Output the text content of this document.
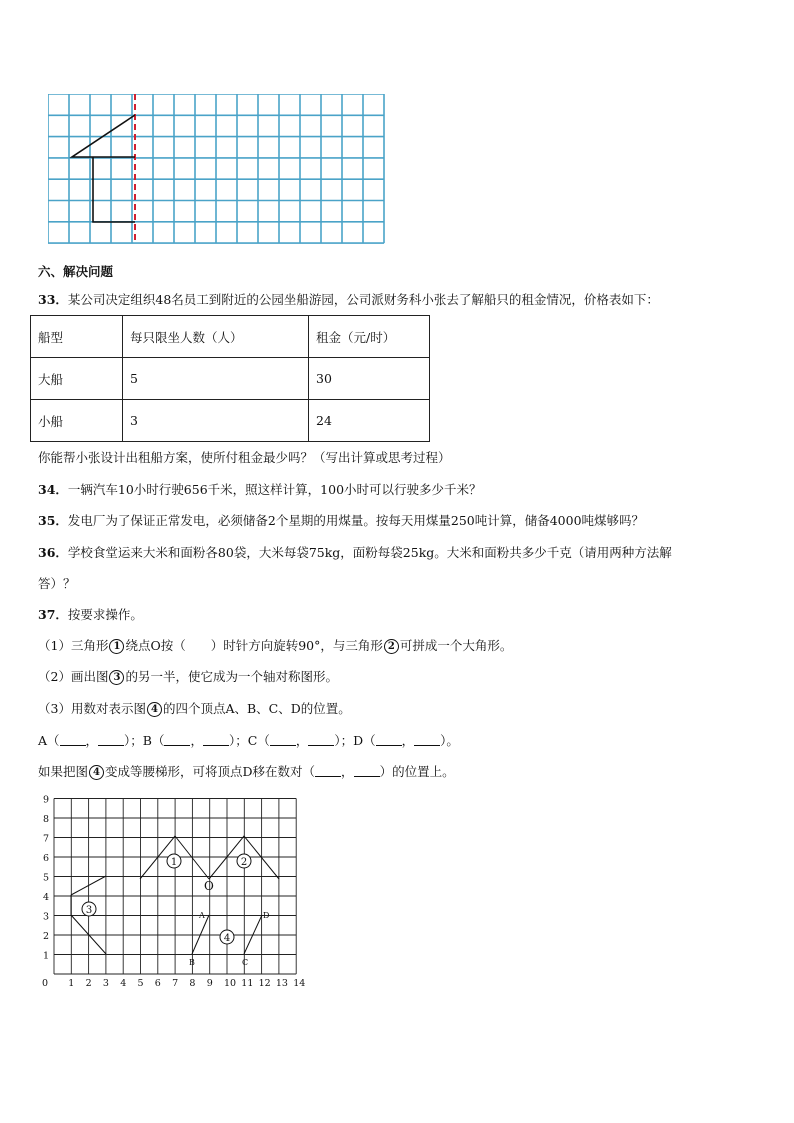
六、解决问题
33．某公司决定组织48名员工到附近的公园坐船游园，公司派财务科小张去了解船只的租金情况，价格表如下：
船型	每只限坐人数（人）	租金（元/时）
大船	5	30
小船	3	24
你能帮小张设计出租船方案，使所付租金最少吗？（写出计算或思考过程）
34．一辆汽车10小时行驶656千米，照这样计算，100小时可以行驶多少千米？
35．发电厂为了保证正常发电，必须储备2个星期的用煤量。按每天用煤量250吨计算，储备4000吨煤够吗？
36．学校食堂运来大米和面粉各80袋，大米每袋75kg，面粉每袋25kg。大米和面粉共多少千克（请用两种方法解
答）？
37．按要求操作。
（1）三角形 1 绕点O按（　　）时针方向旋转90°，与三角形 2 可拼成一个大角形。
（2）画出图 3 的另一半，使它成为一个轴对称图形。
（3）用数对表示图 4 的四个顶点A、B、C、D的位置。
A（ ， ）；B（ ， ）；C（ ， ）；D（ ， ）。
如果把图 4 变成等腰梯形，可将顶点D移在数对（ ， ）的位置上。
0 1 2 3 4 5 6 7 8 9 10 11 12 13 14
1
2
3
4
5
6
7
8
9
O
A
B	C
D
1	2
3
4
